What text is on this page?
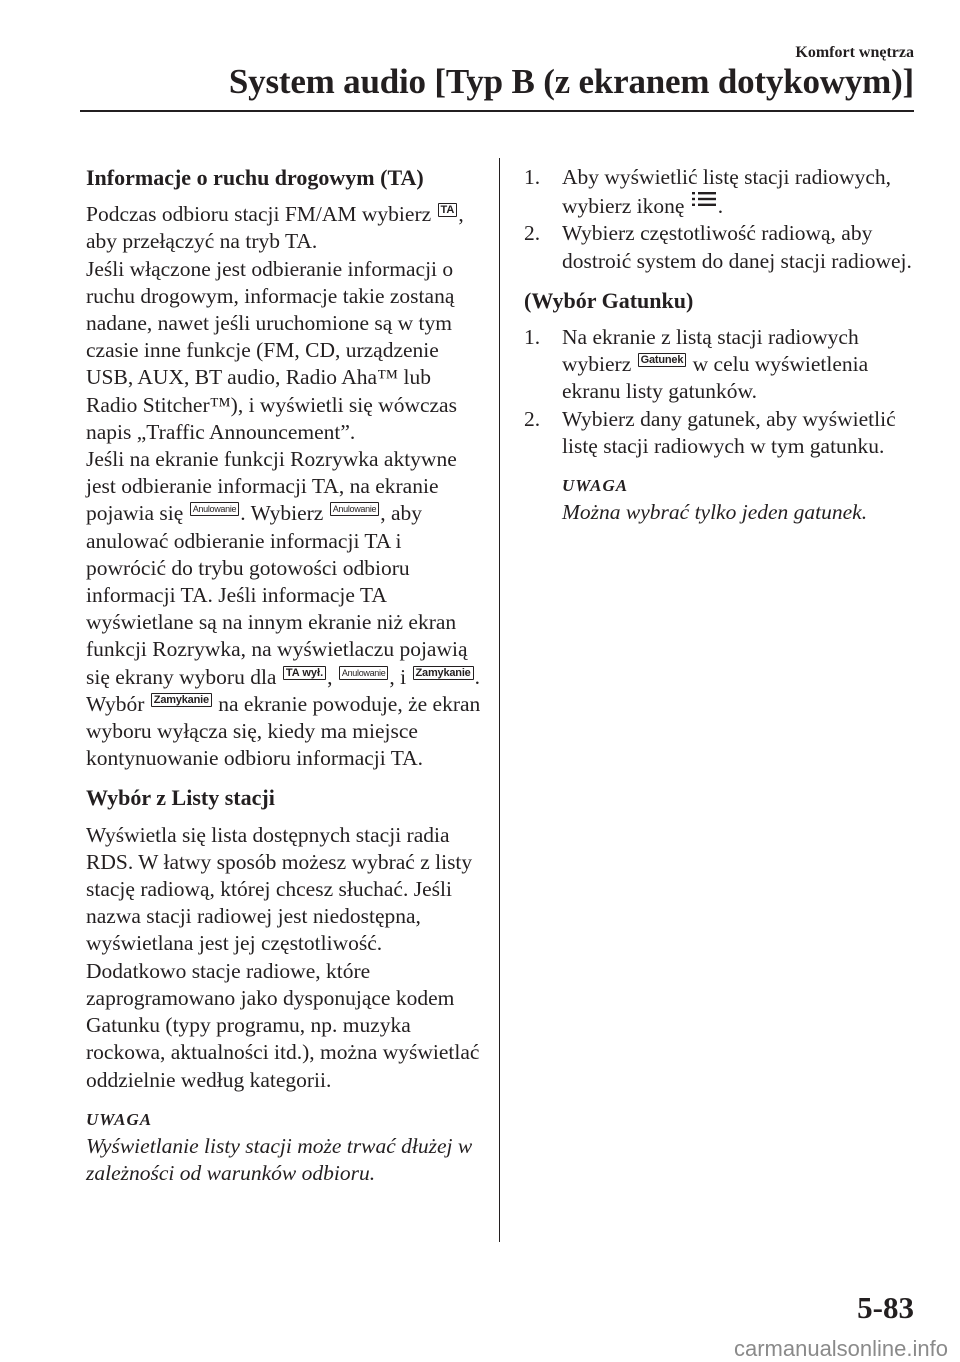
Komfort wnętrza
System audio [Typ B (z ekranem dotykowym)]
Informacje o ruchu drogowym (TA)

Podczas odbioru stacji FM/AM wybierz TA , aby przełączyć na tryb TA.

Jeśli włączone jest odbieranie informacji o ruchu drogowym, informacje takie zostaną nadane, nawet jeśli uruchomione są w tym czasie inne funkcje (FM, CD, urządzenie USB, AUX, BT audio, Radio Aha™ lub Radio Stitcher™), i wyświetli się wówczas napis „Traffic Announcement”.

Jeśli na ekranie funkcji Rozrywka aktywne jest odbieranie informacji TA, na ekranie pojawia się Anulowanie . Wybierz Anulowanie , aby anulować odbieranie informacji TA i powrócić do trybu gotowości odbioru informacji TA. Jeśli informacje TA wyświetlane są na innym ekranie niż ekran funkcji Rozrywka, na wyświetlaczu pojawią się ekrany wyboru dla TA wył. , Anulowanie , i Zamykanie . Wybór Zamykanie na ekranie powoduje, że ekran wyboru wyłącza się, kiedy ma miejsce kontynuowanie odbioru informacji TA.

Wybór z Listy stacji

Wyświetla się lista dostępnych stacji radia RDS. W łatwy sposób możesz wybrać z listy stację radiową, której chcesz słuchać. Jeśli nazwa stacji radiowej jest niedostępna, wyświetlana jest jej częstotliwość. Dodatkowo stacje radiowe, które zaprogramowano jako dysponujące kodem Gatunku (typy programu, np. muzyka rockowa, aktualności itd.), można wyświetlać oddzielnie według kategorii.

UWAGA
Wyświetlanie listy stacji może trwać dłużej w zależności od warunków odbioru.
1. Aby wyświetlić listę stacji radiowych, wybierz ikonę .
2. Wybierz częstotliwość radiową, aby dostroić system do danej stacji radiowej.
(Wybór Gatunku)
1. Na ekranie z listą stacji radiowych wybierz Gatunek w celu wyświetlenia ekranu listy gatunków.
2. Wybierz dany gatunek, aby wyświetlić listę stacji radiowych w tym gatunku.
UWAGA
Można wybrać tylko jeden gatunek.
5-83
carmanualsonline.info
